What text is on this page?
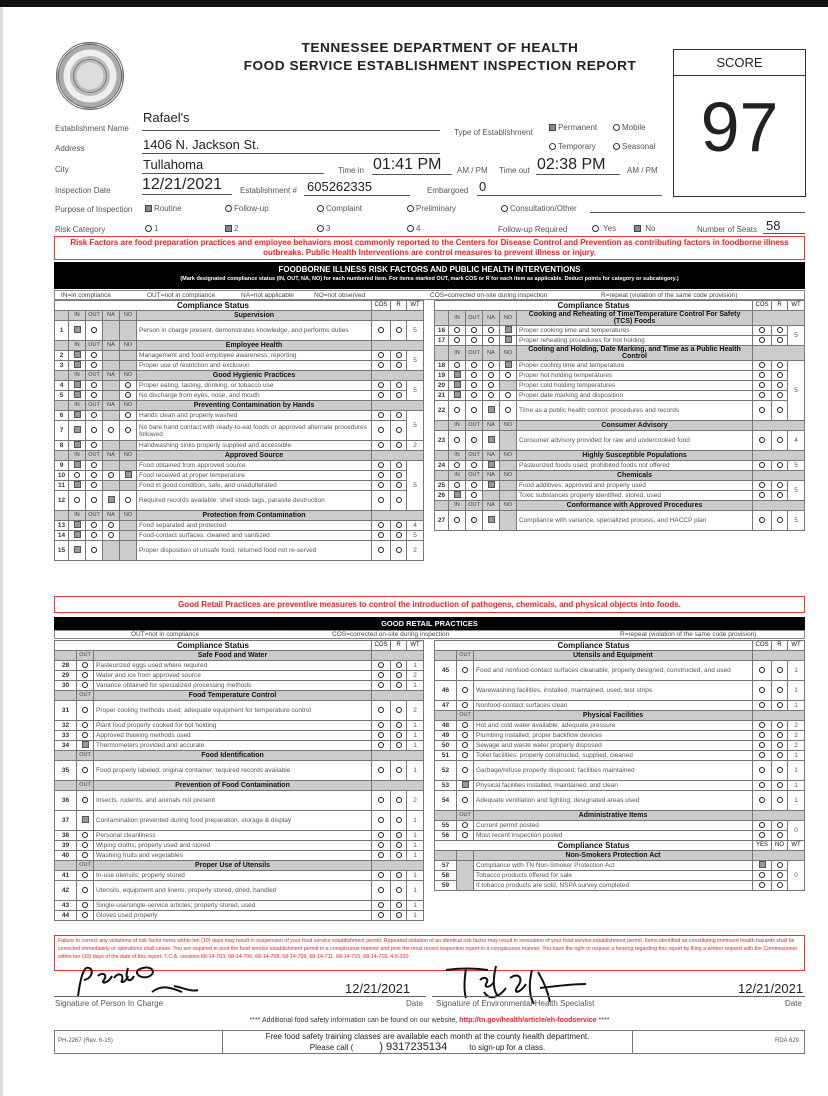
TENNESSEE DEPARTMENT OF HEALTH
FOOD SERVICE ESTABLISHMENT INSPECTION REPORT	SCORE
97
Establishment Name
Rafael's
Address	1406 N. Jackson St.
City	Tullahoma	Time in 01:41 PM AM / PM Time out 02:38 PM	AM / PM
Inspection Date 12/21/2021 Establishment # 605262335	Embargoed 0
Type of Establishment
Permanent	Mobile
Temporary	Seasonal
Purpose of Inspection	Routine	Follow-up	Complaint	Preliminary	Consultation/Other
Risk Category	1	2	3	4	Follow-up Required	Yes	No	Number of Seats 58
Risk Factors are food preparation practices and employee behaviors most commonly reported to the Centers for Disease Control and Prevention as contributing factors in foodborne illness outbreaks. Public Health Interventions are control measures to prevent illness or injury.
FOODBORNE ILLNESS RISK FACTORS AND PUBLIC HEALTH INTERVENTIONS
(Mark designated compliance status (IN, OUT, NA, NO) for each numbered item. For items marked OUT, mark COS or R for each item as applicable. Deduct points for category or subcategory.)
IN=in compliance	OUT=not in compliance	NA=not applicable	NO=not observed	COS=corrected on-site during inspection	R=repeat (violation of the same code provision)
Compliance Status						COS	R	WT
	IN	OUT	NA	NO	Supervision			
1					Person in charge present, demonstrates knowledge, and performs duties			5
	IN	OUT	NA	NO	Employee Health			
2					Management and food employee awareness; reporting			5
3					Proper use of restriction and exclusion			
	IN	OUT	NA	NO	Good Hygienic Practices			
4					Proper eating, tasting, drinking, or tobacco use			5
5					No discharge from eyes, nose, and mouth			
	IN	OUT	NA	NO	Preventing Contamination by Hands			
6					Hands clean and properly washed			5
7					No bare hand contact with ready-to-eat foods or approved alternate procedures followed			
8					Handwashing sinks properly supplied and accessible			2
	IN	OUT	NA	NO	Approved Source			
9					Food obtained from approved source			5
10					Food received at proper temperature			
11					Food in good condition, safe, and unadulterated			
12					Required records available: shell stock tags, parasite destruction			
	IN	OUT	NA	NO	Protection from Contamination			
13					Food separated and protected			4
14					Food-contact surfaces: cleaned and sanitized			5
15					Proper disposition of unsafe food, returned food not re-served			2
Compliance Status						COS	R	WT
	IN	OUT	NA	NO	Cooking and Reheating of Time/Temperature Control For Safety (TCS) Foods			
16					Proper cooking time and temperatures			5
17					Proper reheating procedures for hot holding			
	IN	OUT	NA	NO	Cooling and Holding, Date Marking, and Time as a Public Health Control			
18					Proper cooling time and temperature			5
19					Proper hot holding temperatures			
20					Proper cold holding temperatures			
21					Proper date marking and disposition			
22					Time as a public health control: procedures and records			
	IN	OUT	NA	NO	Consumer Advisory			
23					Consumer advisory provided for raw and undercooked food			4
	IN	OUT	NA	NO	Highly Susceptible Populations			
24					Pasteurized foods used; prohibited foods not offered			5
	IN	OUT	NA	NO	Chemicals			
25					Food additives: approved and properly used			5
26					Toxic substances properly identified, stored, used			
	IN	OUT	NA	NO	Conformance with Approved Procedures			
27					Compliance with variance, specialized process, and HACCP plan			5
Good Retail Practices are preventive measures to control the introduction of pathogens, chemicals, and physical objects into foods.
GOOD RETAIL PRACTICES
OUT=not in compliance	COS=corrected on-site during inspection	R=repeat (violation of the same code provision)
Compliance Status			COS	R	WT
	OUT	Safe Food and Water			
28		Pasteurized eggs used where required			1
29		Water and ice from approved source			2
30		Variance obtained for specialized processing methods			1
	OUT	Food Temperature Control			
31		Proper cooling methods used; adequate equipment for temperature control			2
32		Plant food properly cooked for hot holding			1
33		Approved thawing methods used			1
34		Thermometers provided and accurate			1
	OUT	Food Identification			
35		Food properly labeled; original container; required records available			1
	OUT	Prevention of Food Contamination			
36		Insects, rodents, and animals not present			2
37		Contamination prevented during food preparation, storage & display			1
38		Personal cleanliness			1
39		Wiping cloths; properly used and stored			1
40		Washing fruits and vegetables			1
	OUT	Proper Use of Utensils			
41		In-use utensils; properly stored			1
42		Utensils, equipment and linens; properly stored, dried, handled			1
43		Single-use/single-service articles; properly stored, used			1
44		Gloves used properly			1
Compliance Status			COS	R	WT
	OUT	Utensils and Equipment			
45		Food and nonfood-contact surfaces cleanable, properly designed, constructed, and used			1
46		Warewashing facilities, installed, maintained, used, test strips			1
47		Nonfood-contact surfaces clean			1
	OUT	Physical Facilities			
48		Hot and cold water available; adequate pressure			2
49		Plumbing installed; proper backflow devices			2
50		Sewage and waste water properly disposed			2
51		Toilet facilities: properly constructed, supplied, cleaned			1
52		Garbage/refuse properly disposed; facilities maintained			1
53		Physical facilities installed, maintained, and clean			1
54		Adequate ventilation and lighting; designated areas used			1
	OUT	Administrative Items			
55		Current permit posted			0
56		Most recent inspection posted			
Compliance Status			YES	NO	WT
		Non-Smokers Protection Act			
57		Compliance with TN Non-Smoker Protection Act			0
58		Tobacco products offered for sale			
59		If tobacco products are sold, NSPA survey completed			
Failure to correct any violations of risk factor items within ten (10) days may result in suspension of your food service establishment permit. Repeated violation of an identical risk factor may result in revocation of your food service establishment permit. Items identified as constituting imminent health hazards shall be corrected immediately or operations shall cease. You are required to post the food service establishment permit in a conspicuous manner and post the most recent inspection report in a conspicuous manner. You have the right to request a hearing regarding this report by filing a written request with the Commissioner within ten (10) days of the date of this report. T.C.A. sections 68-14-703, 68-14-706, 68-14-708, 68-14-709, 68-14-711, 68-14-715, 68-14-716, 4-5-320.
12/21/2021
Signature of Person In Charge	Date
12/21/2021
Signature of Environmental Health Specialist	Date
**** Additional food safety information can be found on our website, http://tn.gov/health/article/eh-foodservice ****
PH-2267 (Rev. 6-15)	Free food safety training classes are available each month at the county health department.
Please call ( ) 9317235134	to sign-up for a class.
RDA 629
